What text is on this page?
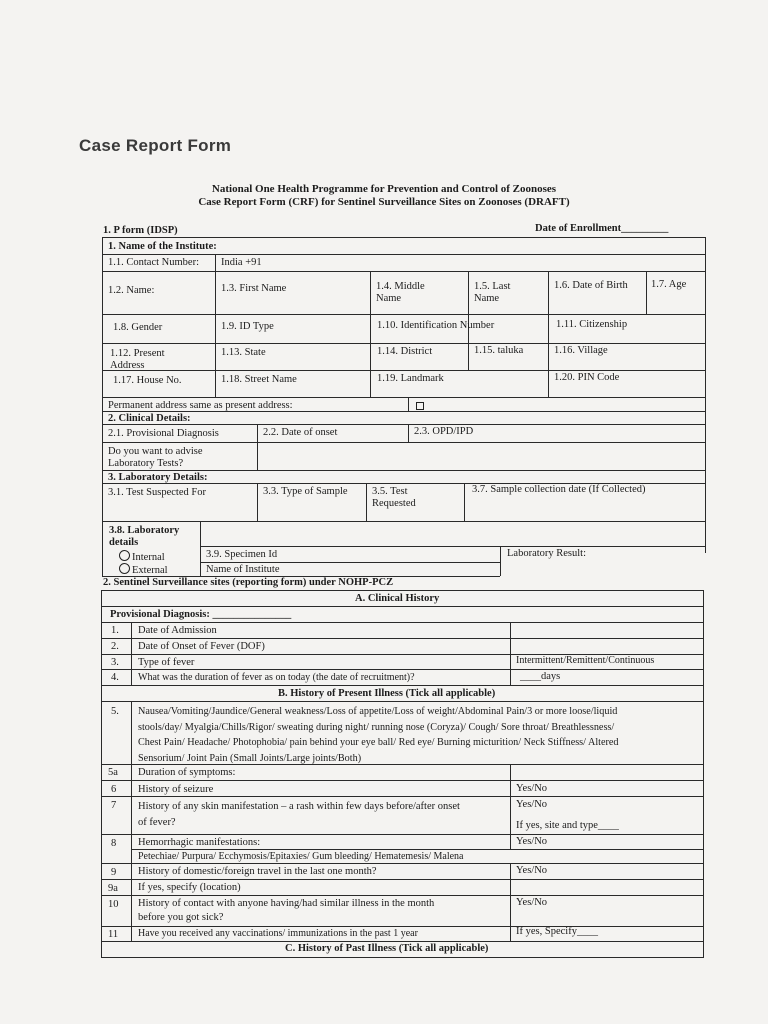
Case Report Form
National One Health Programme for Prevention and Control of Zoonoses
Case Report Form (CRF) for Sentinel Surveillance Sites on Zoonoses (DRAFT)
1. P form (IDSP)	Date of Enrollment_________
1. Name of the Institute:
1.1. Contact Number: India +91
1.2. Name:	1.3. First Name	1.4. Middle
Name
1.5. Last
Name
1.6. Date of Birth 1.7. Age
1.8. Gender	1.9. ID Type	1.10. Identification Number	1.11. Citizenship
1.12. Present
Address
1.13. State	1.14. District	1.15. taluka	1.16. Village
1.17. House No.	1.18. Street Name	1.19. Landmark	1.20. PIN Code
Permanent address same as present address:
2. Clinical Details:
2.1. Provisional Diagnosis	2.2. Date of onset	2.3. OPD/IPD
Do you want to advise
Laboratory Tests?
3. Laboratory Details:
3.1. Test Suspected For	3.3. Type of Sample 3.5. Test
Requested
3.7. Sample collection date (If Collected)
3.8. Laboratory
details
Internal
External
3.9. Specimen Id
Name of Institute
Laboratory Result:
2. Sentinel Surveillance sites (reporting form) under NOHP-PCZ
A. Clinical History
Provisional Diagnosis: _______________
1. Date of Admission
2. Date of Onset of Fever (DOF)
3. Type of fever	Intermittent/Remittent/Continuous
4. What was the duration of fever as on today (the date of recruitment)?	____days
B. History of Present Illness (Tick all applicable)
5. Nausea/Vomiting/Jaundice/General weakness/Loss of appetite/Loss of weight/Abdominal Pain/3 or more loose/liquid
stools/day/ Myalgia/Chills/Rigor/ sweating during night/ running nose (Coryza)/ Cough/ Sore throat/ Breathlessness/
Chest Pain/ Headache/ Photophobia/ pain behind your eye ball/ Red eye/ Burning micturition/ Neck Stiffness/ Altered
Sensorium/ Joint Pain (Small Joints/Large joints/Both)
5a Duration of symptoms:
6 History of seizure	Yes/No
7 History of any skin manifestation – a rash within few days before/after onset
of fever?
Yes/No
If yes, site and type____
8 Hemorrhagic manifestations:	Yes/No
Petechiae/ Purpura/ Ecchymosis/Epitaxies/ Gum bleeding/ Hematemesis/ Malena
9 History of domestic/foreign travel in the last one month?	Yes/No
9a If yes, specify (location)
10 History of contact with anyone having/had similar illness in the month
before you got sick?
Yes/No
11 Have you received any vaccinations/ immunizations in the past 1 year	If yes, Specify____
C. History of Past Illness (Tick all applicable)
